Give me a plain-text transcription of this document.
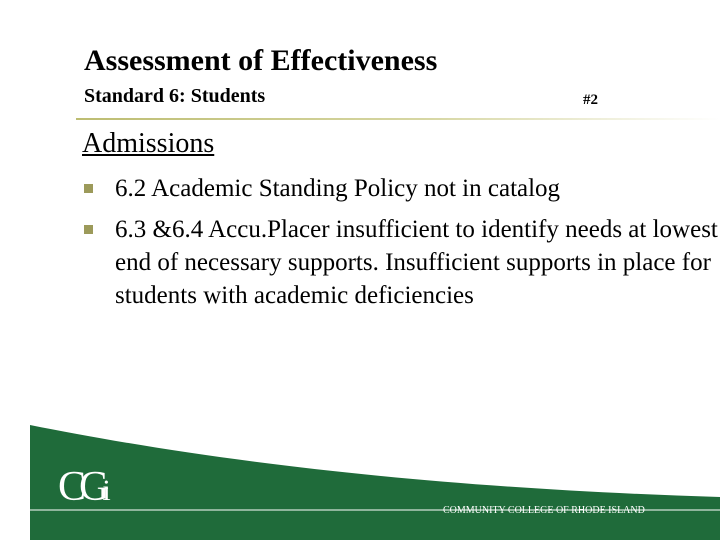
Assessment of Effectiveness
Standard 6: Students	#2
Admissions
6.2 Academic Standing Policy not in catalog
6.3 &6.4 Accu.Placer insufficient to identify needs at lowest end of necessary supports. Insufficient supports in place for students with academic deficiencies
CGi
COMMUNITY COLLEGE OF RHODE ISLAND
